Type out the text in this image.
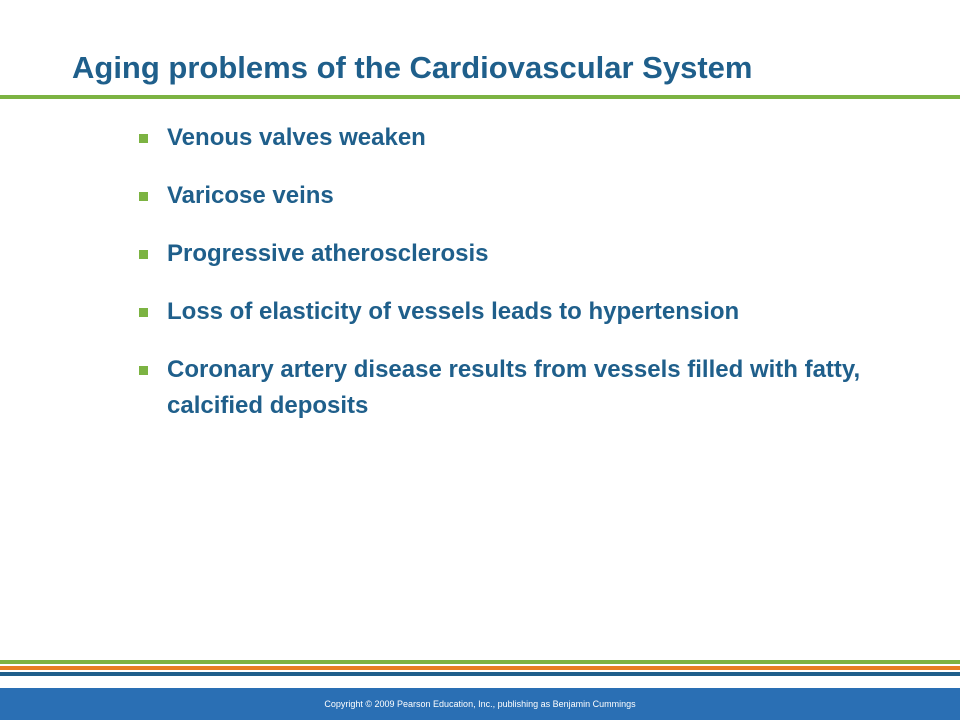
Aging problems of the Cardiovascular System
Venous valves weaken
Varicose veins
Progressive atherosclerosis
Loss of elasticity of vessels leads to hypertension
Coronary artery disease results from vessels filled with fatty, calcified deposits
Copyright © 2009 Pearson Education, Inc., publishing as Benjamin Cummings
